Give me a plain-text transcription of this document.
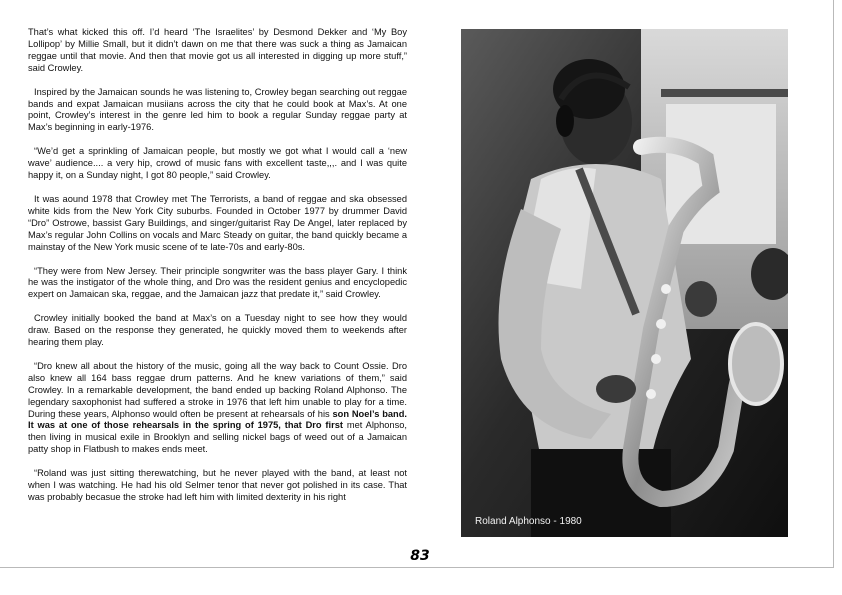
That’s what kicked this off. I’d heard ‘The Israelites’ by Desmond Dekker and ‘My Boy Lollipop’ by Millie Small, but it didn’t dawn on me that there was suck a thing as Jamaican reggae until that movie. And then that movie got us all interested in digging up more stuff,” said Crowley.

Inspired by the Jamaican sounds he was listening to, Crowley began searching out reggae bands and expat Jamaican musiians across the city that he could book at Max’s. At one point, Crowley’s interest in the genre led him to book a regular Sunday reggae party at Max’s beginning in early-1976.

“We’d get a sprinkling of Jamaican people, but mostly we got what I would call a ‘new wave’ audience.... a very hip, crowd of music fans with excellent taste,,,. and I was quite happy it, on a Sunday night, I got 80 people,” said Crowley.

It was aound 1978 that Crowley met The Terrorists, a band of reggae and ska obsessed white kids from the New York City suburbs. Founded in October 1977 by drummer David “Dro” Ostrowe, bassist Gary Buildings, and singer/guitarist Ray De Angel, later replaced by Max’s regular John Collins on vocals and Marc Steady on guitar, the band quickly became a mainstay of the New York music scene of te late-70s and early-80s.

“They were from New Jersey. Their principle songwriter was the bass player Gary. I think he was the instigator of the whole thing, and Dro was the resident genius and encyclopedic expert on Jamaican ska, reggae, and the Jamaican jazz that predate it,” said Crowley.

Crowley initially booked the band at Max’s on a Tuesday night to see how they would draw. Based on the response they generated, he quickly moved them to weekends after hearing them play.

“Dro knew all about the history of the music, going all the way back to Count Ossie. Dro also knew all 164 bass reggae drum patterns. And he knew variations of them,” said Crowley. In a remarkable development, the band ended up backing Roland Alphonso. The legendary saxophonist had suffered a stroke in 1976 that left him unable to play for a time. During these years, Alphonso would often be present at rehearsals of his son Noel’s band. It was at one of those rehearsals in the spring of 1975, that Dro first met Alphonso, then living in musical exile in Brooklyn and selling nickel bags of weed out of a Jamaican patty shop in Flatbush to makes ends meet.

“Roland was just sitting therewatching, but he never played with the band, at least not when I was watching. He had his old Selmer tenor that never got polished in its case. That was probably becasue the stroke had left him with limited dexterity in his right

Roland Alphonso - 1980
83
